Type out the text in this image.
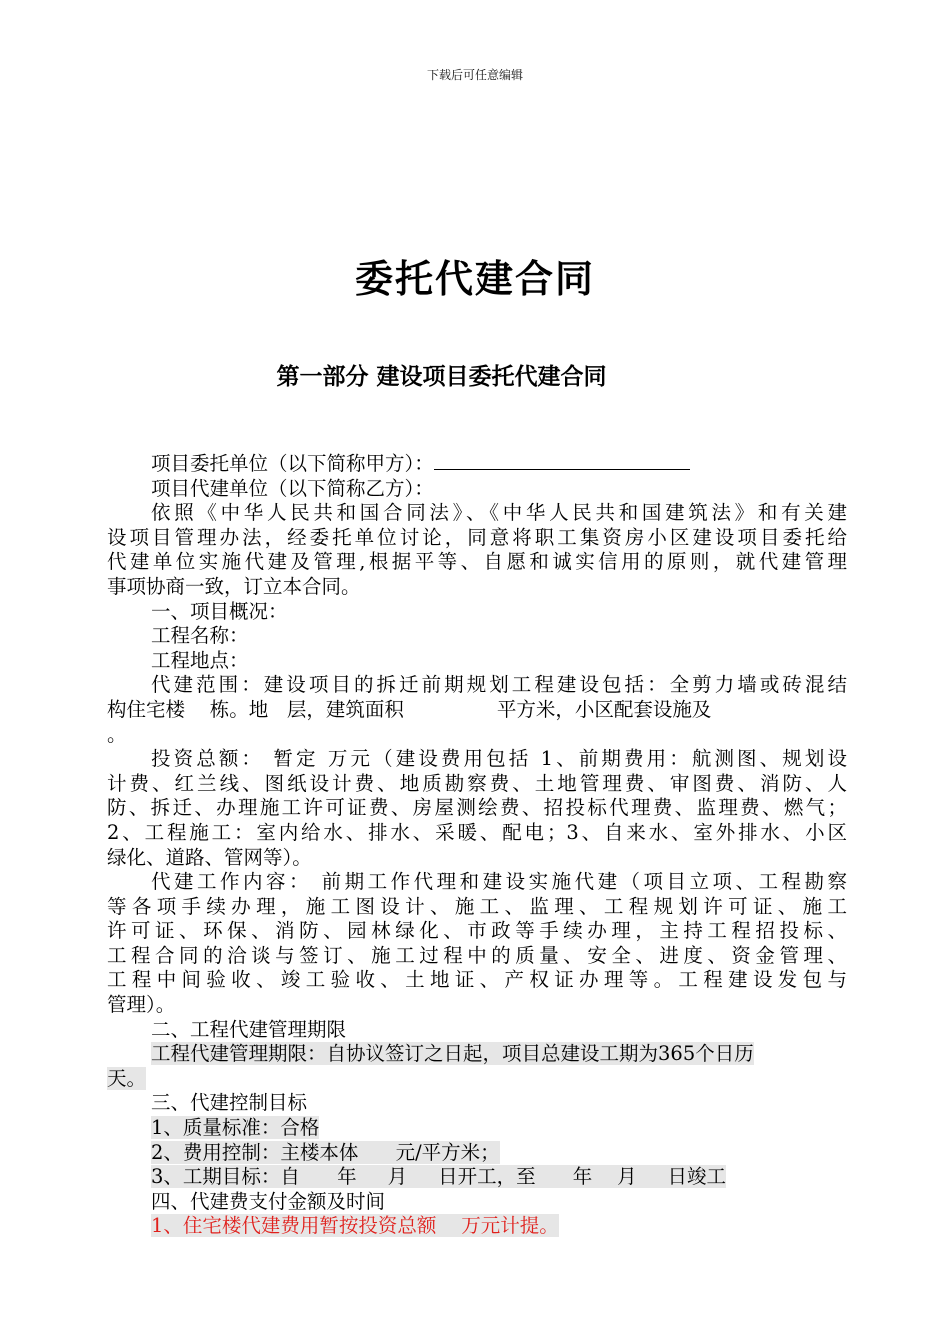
下载后可任意编辑
委托代建合同
第一部分 建设项目委托代建合同
项目委托单位（以下简称甲方）：
项目代建单位（以下简称乙方）：
依照《中华人民共和国合同法》、《中华人民共和国建筑法》和有关建
设项目管理办法，经委托单位讨论，同意将职工集资房小区建设项目委托给
代建单位实施代建及管理,根据平等、自愿和诚实信用的原则，就代建管理
事项协商一致，订立本合同。
一、项目概况：
工程名称：
工程地点：
代建范围：建设项目的拆迁前期规划工程建设包括：全剪力墙或砖混结
构住宅楼    栋。地   层，建筑面积               平方米，小区配套设施及
。
投资总额： 暂定 万元（建设费用包括 1、前期费用：航测图、规划设
计费、红兰线、图纸设计费、地质勘察费、土地管理费、审图费、消防、人
防、拆迁、办理施工许可证费、房屋测绘费、招投标代理费、监理费、燃气；
2、工程施工：室内给水、排水、采暖、配电；3、自来水、室外排水、小区
绿化、道路、管网等）。
代建工作内容： 前期工作代理和建设实施代建（项目立项、工程勘察
等各项手续办理，施工图设计、施工、监理、工程规划许可证、施工
许可证、环保、消防、园林绿化、市政等手续办理，主持工程招投标、
工程合同的洽谈与签订、施工过程中的质量、安全、进度、资金管理、
工程中间验收、竣工验收、土地证、产权证办理等。工程建设发包与
管理）。
二、工程代建管理期限
工程代建管理期限：自协议签订之日起，项目总建设工期为365个日历
天。
三、代建控制目标
1、质量标准：合格
2、费用控制：主楼本体      元/平方米；
3、工期目标：自      年     月     日开工，至      年    月     日竣工
四、代建费支付金额及时间
1、住宅楼代建费用暂按投资总额    万元计提。
